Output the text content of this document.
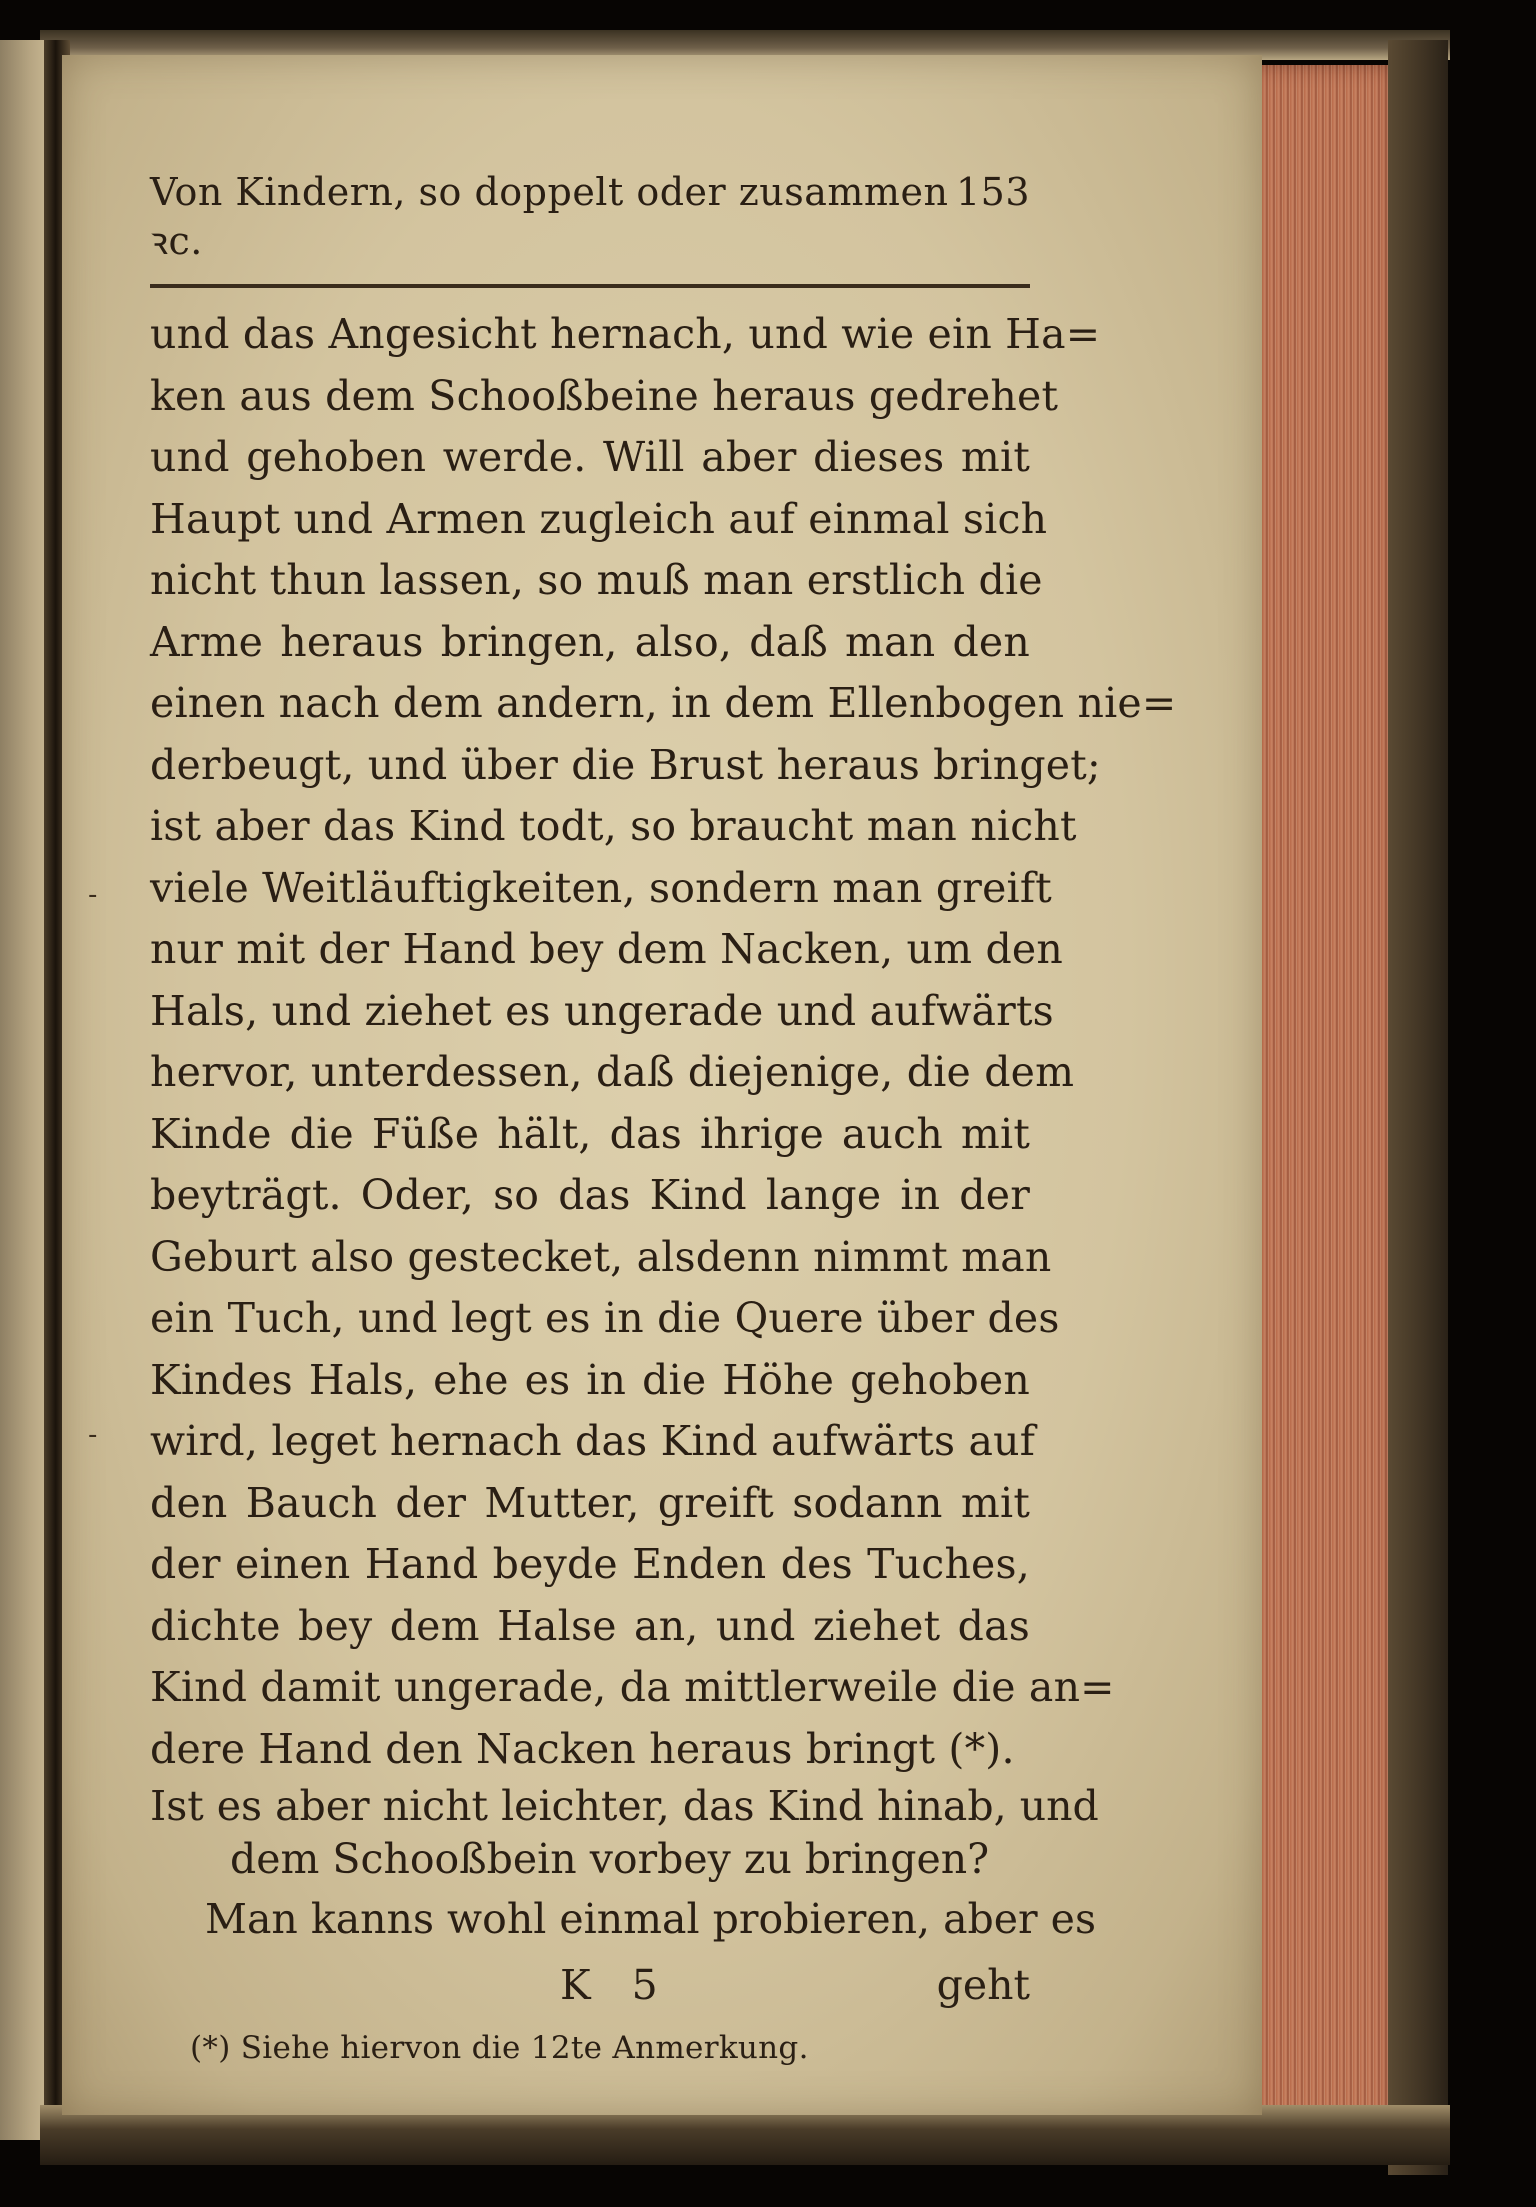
-
-
Von Kindern, so doppelt oder zusammen ꝛc.
153
und das Angesicht hernach, und wie ein Ha=
ken aus dem Schooßbeine heraus gedrehet
und gehoben werde. Will aber dieses mit
Haupt und Armen zugleich auf einmal sich
nicht thun lassen, so muß man erstlich die
Arme heraus bringen, also, daß man den
einen nach dem andern, in dem Ellenbogen nie=
derbeugt, und über die Brust heraus bringet;
ist aber das Kind todt, so braucht man nicht
viele Weitläuftigkeiten, sondern man greift
nur mit der Hand bey dem Nacken, um den
Hals, und ziehet es ungerade und aufwärts
hervor, unterdessen, daß diejenige, die dem
Kinde die Füße hält, das ihrige auch mit
beyträgt. Oder, so das Kind lange in der
Geburt also gestecket, alsdenn nimmt man
ein Tuch, und legt es in die Quere über des
Kindes Hals, ehe es in die Höhe gehoben
wird, leget hernach das Kind aufwärts auf
den Bauch der Mutter, greift sodann mit
der einen Hand beyde Enden des Tuches,
dichte bey dem Halse an, und ziehet das
Kind damit ungerade, da mittlerweile die an=
dere Hand den Nacken heraus bringt (*).
Ist es aber nicht leichter, das Kind hinab, und
dem Schooßbein vorbey zu bringen?
Man kanns wohl einmal probieren, aber es
K 5	geht
(*) Siehe hiervon die 12te Anmerkung.
